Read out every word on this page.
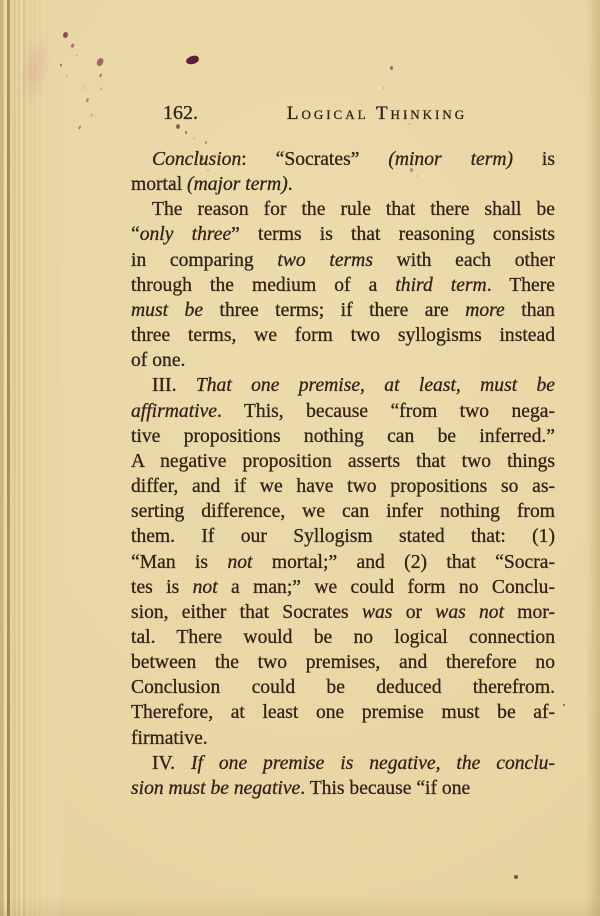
162.	Logical Thinking
Conclusion: “Socrates” (minor term) is
mortal (major term).
The reason for the rule that there shall be
“only three” terms is that reasoning consists
in comparing two terms with each other
through the medium of a third term. There
must be three terms; if there are more than
three terms, we form two syllogisms instead
of one.
III. That one premise, at least, must be
affirmative. This, because “from two nega-
tive propositions nothing can be inferred.”
A negative proposition asserts that two things
differ, and if we have two propositions so as-
serting difference, we can infer nothing from
them. If our Syllogism stated that: (1)
“Man is not mortal;” and (2) that “Socra-
tes is not a man;” we could form no Conclu-
sion, either that Socrates was or was not mor-
tal. There would be no logical connection
between the two premises, and therefore no
Conclusion could be deduced therefrom.
Therefore, at least one premise must be af-
firmative.
IV. If one premise is negative, the conclu-
sion must be negative. This because “if one
